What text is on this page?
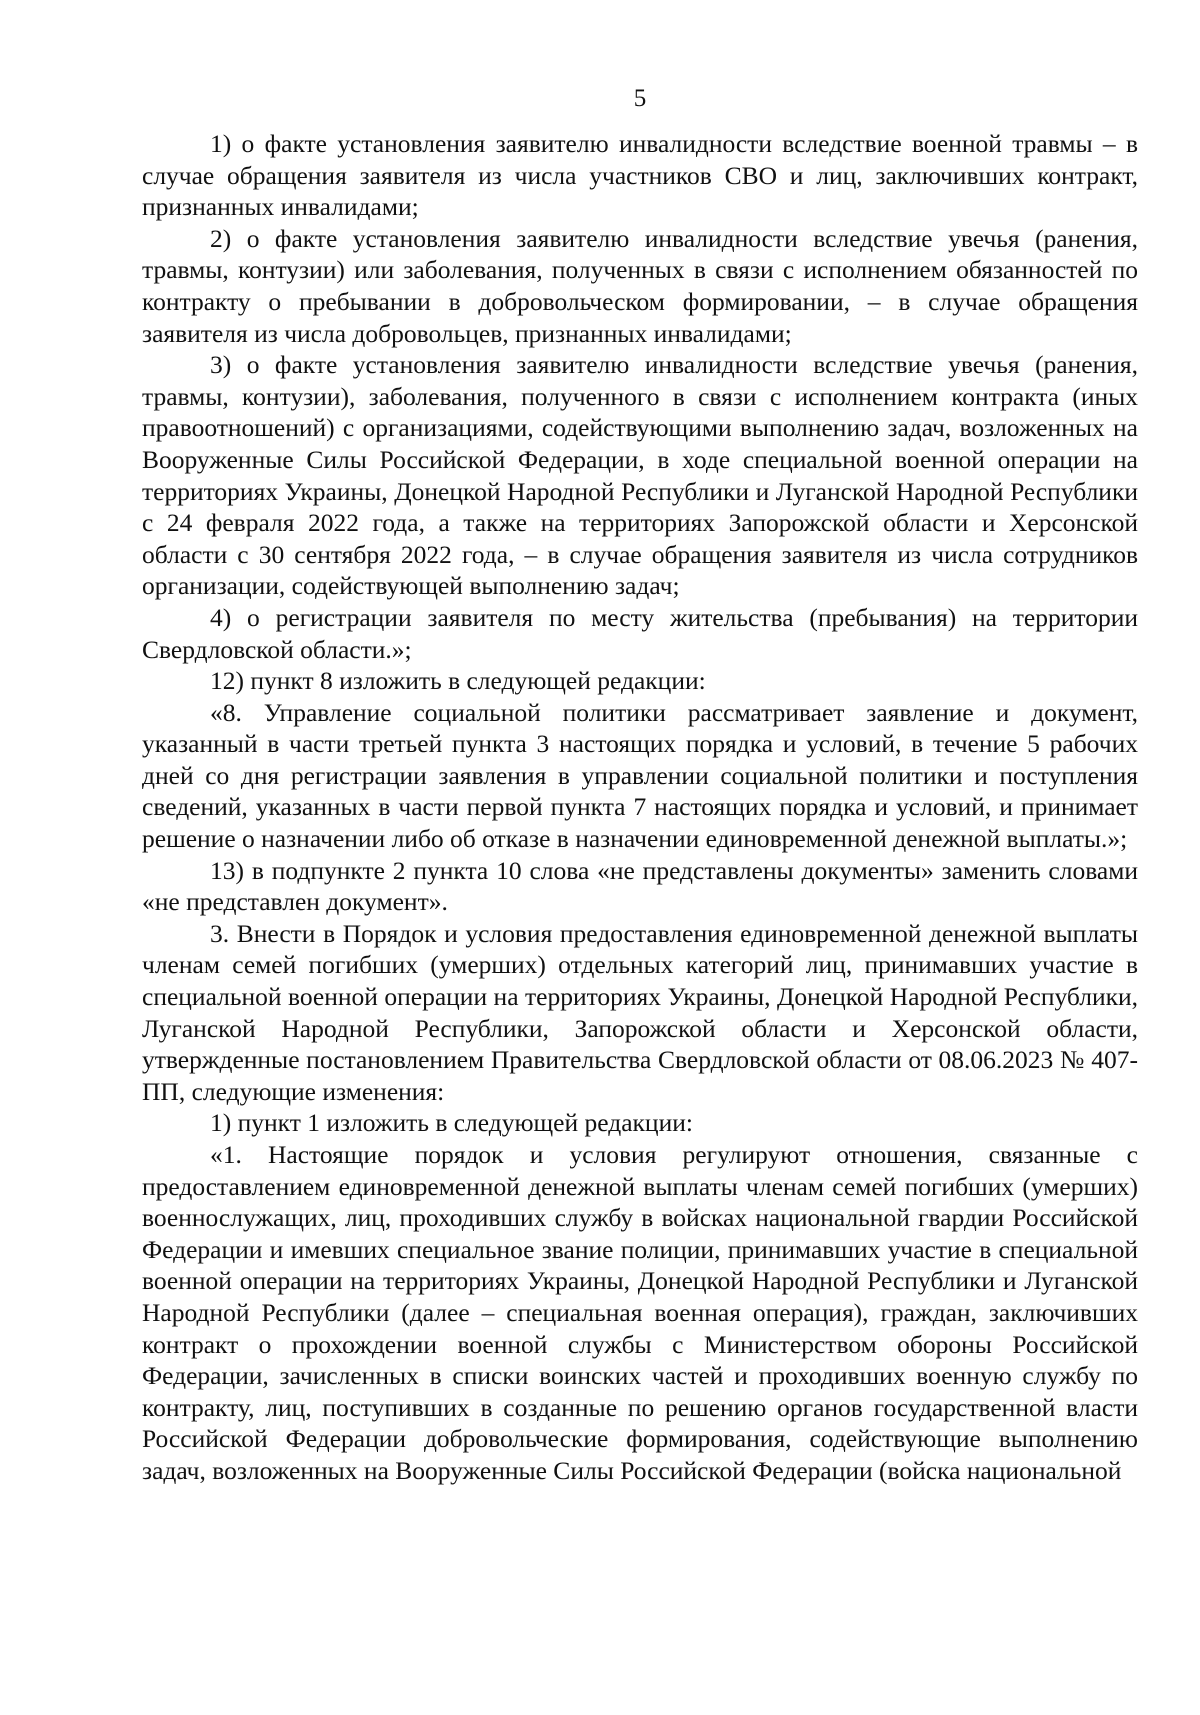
5

1) о факте установления заявителю инвалидности вследствие военной травмы – в случае обращения заявителя из числа участников СВО и лиц, заключивших контракт, признанных инвалидами;

2) о факте установления заявителю инвалидности вследствие увечья (ранения, травмы, контузии) или заболевания, полученных в связи с исполнением обязанностей по контракту о пребывании в добровольческом формировании, – в случае обращения заявителя из числа добровольцев, признанных инвалидами;

3) о факте установления заявителю инвалидности вследствие увечья (ранения, травмы, контузии), заболевания, полученного в связи с исполнением контракта (иных правоотношений) с организациями, содействующими выполнению задач, возложенных на Вооруженные Силы Российской Федерации, в ходе специальной военной операции на территориях Украины, Донецкой Народной Республики и Луганской Народной Республики с 24 февраля 2022 года, а также на территориях Запорожской области и Херсонской области с 30 сентября 2022 года, – в случае обращения заявителя из числа сотрудников организации, содействующей выполнению задач;

4) о регистрации заявителя по месту жительства (пребывания) на территории Свердловской области.»;

12) пункт 8 изложить в следующей редакции:

«8. Управление социальной политики рассматривает заявление и документ, указанный в части третьей пункта 3 настоящих порядка и условий, в течение 5 рабочих дней со дня регистрации заявления в управлении социальной политики и поступления сведений, указанных в части первой пункта 7 настоящих порядка и условий, и принимает решение о назначении либо об отказе в назначении единовременной денежной выплаты.»;

13) в подпункте 2 пункта 10 слова «не представлены документы» заменить словами «не представлен документ».

3. Внести в Порядок и условия предоставления единовременной денежной выплаты членам семей погибших (умерших) отдельных категорий лиц, принимавших участие в специальной военной операции на территориях Украины, Донецкой Народной Республики, Луганской Народной Республики, Запорожской области и Херсонской области, утвержденные постановлением Правительства Свердловской области от 08.06.2023 № 407-ПП, следующие изменения:

1) пункт 1 изложить в следующей редакции:

«1. Настоящие порядок и условия регулируют отношения, связанные с предоставлением единовременной денежной выплаты членам семей погибших (умерших) военнослужащих, лиц, проходивших службу в войсках национальной гвардии Российской Федерации и имевших специальное звание полиции, принимавших участие в специальной военной операции на территориях Украины, Донецкой Народной Республики и Луганской Народной Республики (далее – специальная военная операция), граждан, заключивших контракт о прохождении военной службы с Министерством обороны Российской Федерации, зачисленных в списки воинских частей и проходивших военную службу по контракту, лиц, поступивших в созданные по решению органов государственной власти Российской Федерации добровольческие формирования, содействующие выполнению задач, возложенных на Вооруженные Силы Российской Федерации (войска национальной
